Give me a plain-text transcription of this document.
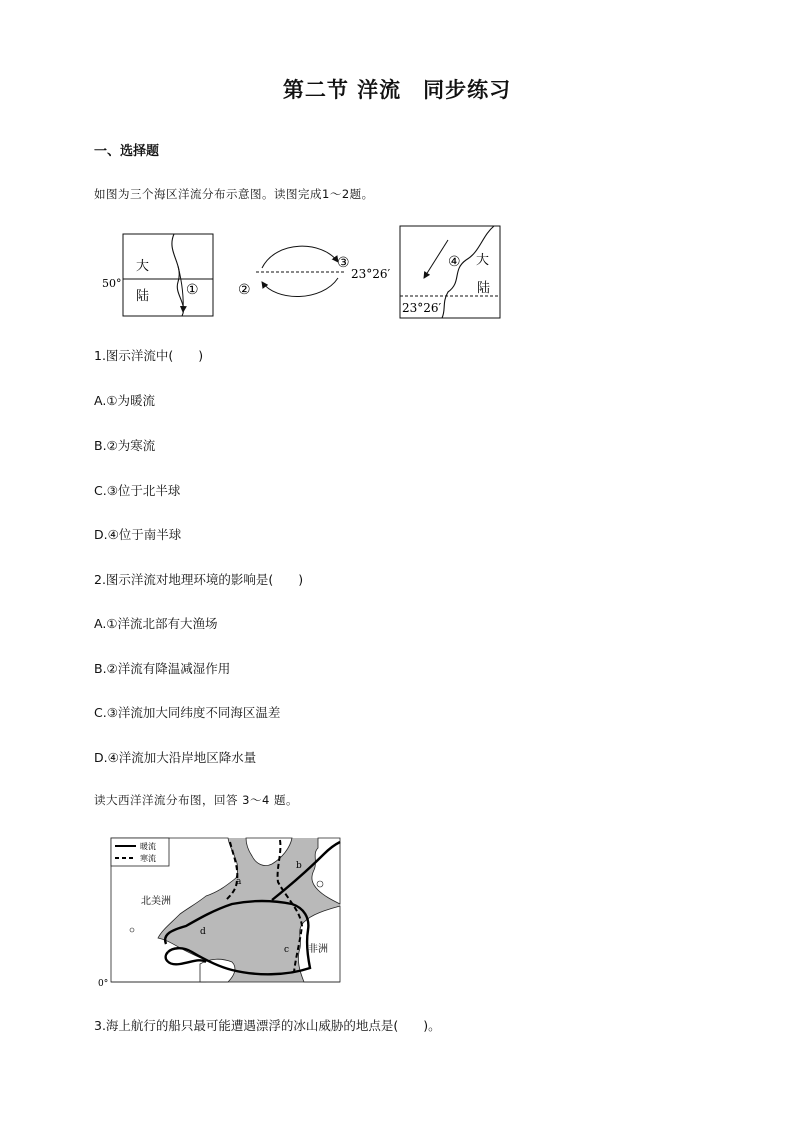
第二节 洋流　同步练习
一、选择题
如图为三个海区洋流分布示意图。读图完成1～2题。
50°
大
陆	①	②
③
23°26′
④ 大
陆
23°26′
1.图示洋流中(　　)
A.①为暖流
B.②为寒流
C.③位于北半球
D.④位于南半球
2.图示洋流对地理环境的影响是(　　)
A.①洋流北部有大渔场
B.②洋流有降温减湿作用
C.③洋流加大同纬度不同海区温差
D.④洋流加大沿岸地区降水量
读大西洋洋流分布图，回答 3～4 题。
暖流
寒流
北美洲
非洲
a
b
c
d
0°
3.海上航行的船只最可能遭遇漂浮的冰山威胁的地点是(　　)。
